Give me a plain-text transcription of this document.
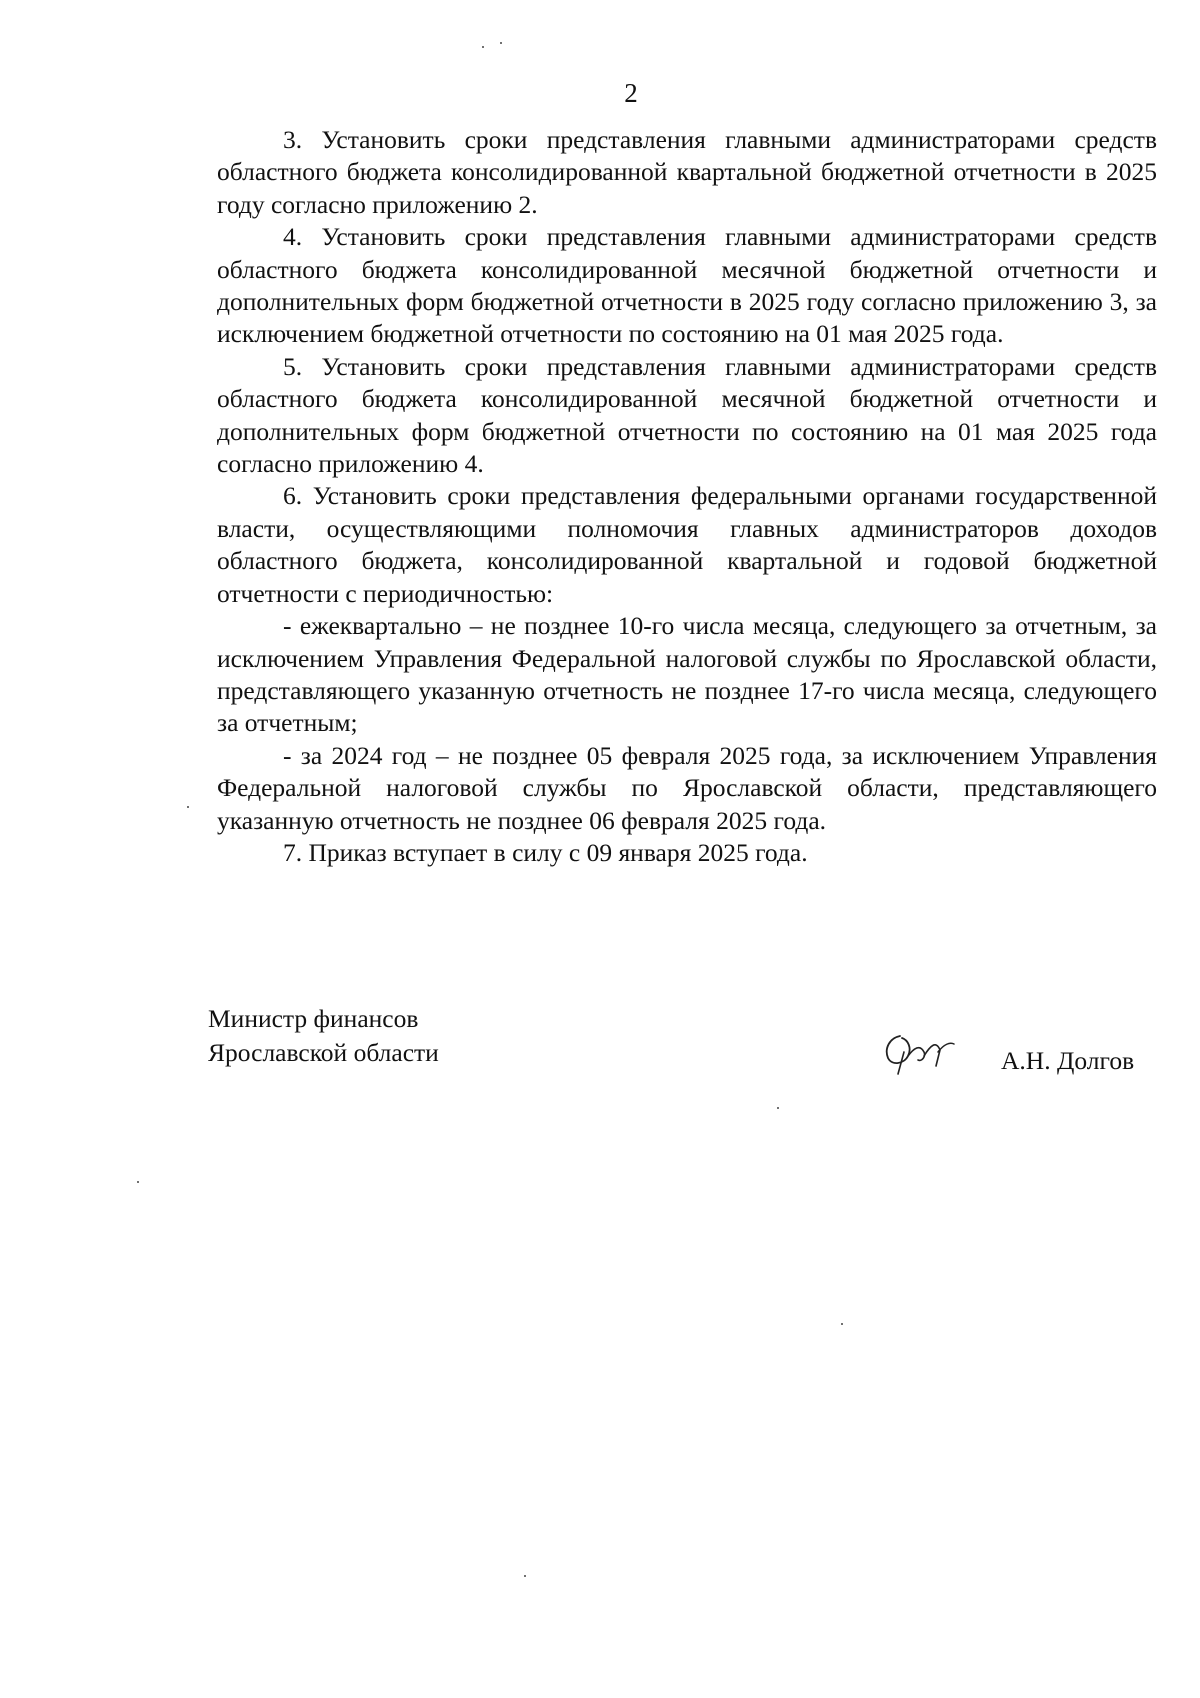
2

3. Установить сроки представления главными администраторами средств областного бюджета консолидированной квартальной бюджетной отчетности в 2025 году согласно приложению 2.

4. Установить сроки представления главными администраторами средств областного бюджета консолидированной месячной бюджетной отчетности и дополнительных форм бюджетной отчетности в 2025 году согласно приложению 3, за исключением бюджетной отчетности по состоянию на 01 мая 2025 года.

5. Установить сроки представления главными администраторами средств областного бюджета консолидированной месячной бюджетной отчетности и дополнительных форм бюджетной отчетности по состоянию на 01 мая 2025 года согласно приложению 4.

6. Установить сроки представления федеральными органами государственной власти, осуществляющими полномочия главных администраторов доходов областного бюджета, консолидированной квартальной и годовой бюджетной отчетности с периодичностью:

- ежеквартально – не позднее 10-го числа месяца, следующего за отчетным, за исключением Управления Федеральной налоговой службы по Ярославской области, представляющего указанную отчетность не позднее 17-го числа месяца, следующего за отчетным;

- за 2024 год – не позднее 05 февраля 2025 года, за исключением Управления Федеральной налоговой службы по Ярославской области, представляющего указанную отчетность не позднее 06 февраля 2025 года.

7. Приказ вступает в силу с 09 января 2025 года.

Министр финансов
Ярославской области	А.Н. Долгов
